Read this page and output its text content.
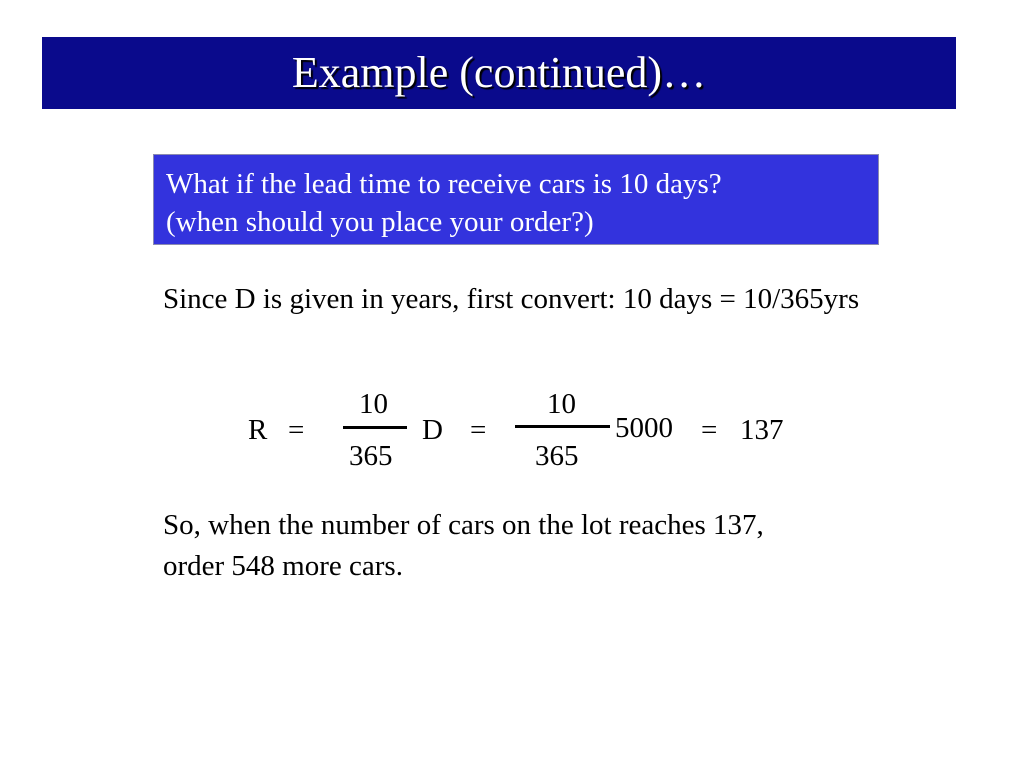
Example (continued)…
What if the lead time to receive cars is 10 days?
(when should you place your order?)
Since D is given in years, first convert: 10 days = 10/365yrs
R =
10
365
D =
10
365
5000 = 137
So, when the number of cars on the lot reaches 137,
order 548 more cars.
